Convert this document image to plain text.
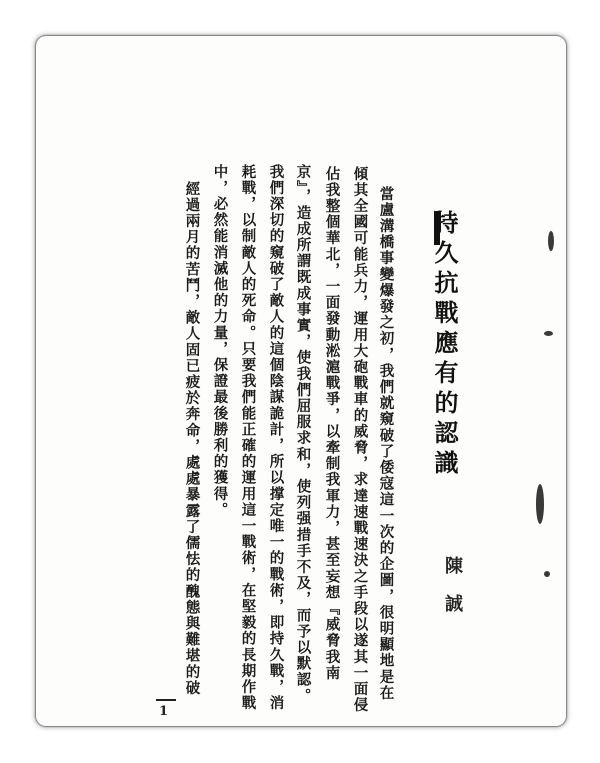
持久抗戰應有的認識
陳誠
當盧溝橋事變爆發之初，我們就窺破了倭寇這一次的企圖，很明顯地是在
傾其全國可能兵力，運用大砲戰車的威脅，求達速戰速決之手段以遂其一面侵
佔我整個華北，一面發動淞滬戰爭，以牽制我軍力，甚至妄想『威脅我南
京』，造成所謂既成事實，使我們屈服求和，使列强措手不及，而予以默認。
我們深切的窺破了敵人的這個陰謀詭計，所以撑定唯一的戰術，即持久戰，消
耗戰，以制敵人的死命。只要我們能正確的運用這一戰術，在堅毅的長期作戰
中，必然能消滅他的力量，保證最後勝利的獲得。
經過兩月的苦鬥，敵人固已疲於奔命，處處暴露了儒怯的醜態與難堪的破
1
